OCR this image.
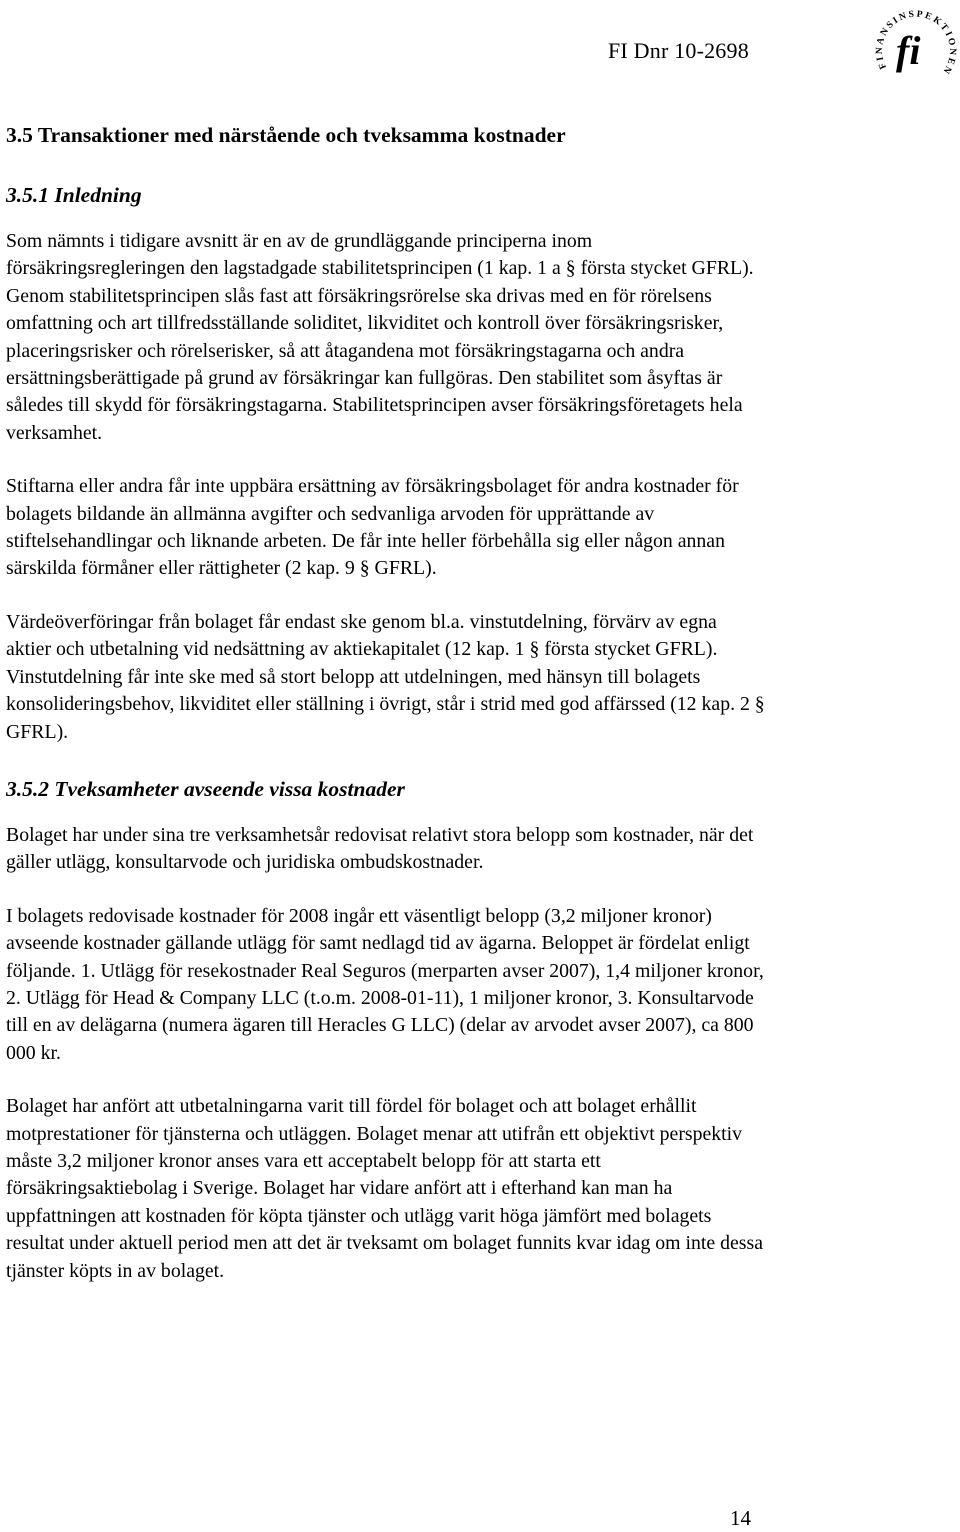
FI Dnr 10-2698
FINANSINSPEKTIONEN
fi
3.5 Transaktioner med närstående och tveksamma kostnader
3.5.1 Inledning

Som nämnts i tidigare avsnitt är en av de grundläggande principerna inom försäkringsregleringen den lagstadgade stabilitetsprincipen (1 kap. 1 a § första stycket GFRL). Genom stabilitetsprincipen slås fast att försäkringsrörelse ska drivas med en för rörelsens omfattning och art tillfredsställande soliditet, likviditet och kontroll över försäkringsrisker, placeringsrisker och rörelserisker, så att åtagandena mot försäkringstagarna och andra ersättningsberättigade på grund av försäkringar kan fullgöras. Den stabilitet som åsyftas är således till skydd för försäkringstagarna. Stabilitetsprincipen avser försäkringsföretagets hela verksamhet.

Stiftarna eller andra får inte uppbära ersättning av försäkringsbolaget för andra kostnader för bolagets bildande än allmänna avgifter och sedvanliga arvoden för upprättande av stiftelsehandlingar och liknande arbeten. De får inte heller förbehålla sig eller någon annan särskilda förmåner eller rättigheter (2 kap. 9 § GFRL).

Värdeöverföringar från bolaget får endast ske genom bl.a. vinstutdelning, förvärv av egna aktier och utbetalning vid nedsättning av aktiekapitalet (12 kap. 1 § första stycket GFRL). Vinstutdelning får inte ske med så stort belopp att utdelningen, med hänsyn till bolagets konsolideringsbehov, likviditet eller ställning i övrigt, står i strid med god affärssed (12 kap. 2 § GFRL).

3.5.2 Tveksamheter avseende vissa kostnader

Bolaget har under sina tre verksamhetsår redovisat relativt stora belopp som kostnader, när det gäller utlägg, konsultarvode och juridiska ombudskostnader.

I bolagets redovisade kostnader för 2008 ingår ett väsentligt belopp (3,2 miljoner kronor) avseende kostnader gällande utlägg för samt nedlagd tid av ägarna. Beloppet är fördelat enligt följande. 1. Utlägg för resekostnader Real Seguros (merparten avser 2007), 1,4 miljoner kronor, 2. Utlägg för Head & Company LLC (t.o.m. 2008-01-11), 1 miljoner kronor, 3. Konsultarvode till en av delägarna (numera ägaren till Heracles G LLC) (delar av arvodet avser 2007), ca 800 000 kr.

Bolaget har anfört att utbetalningarna varit till fördel för bolaget och att bolaget erhållit motprestationer för tjänsterna och utläggen. Bolaget menar att utifrån ett objektivt perspektiv måste 3,2 miljoner kronor anses vara ett acceptabelt belopp för att starta ett försäkringsaktiebolag i Sverige. Bolaget har vidare anfört att i efterhand kan man ha uppfattningen att kostnaden för köpta tjänster och utlägg varit höga jämfört med bolagets resultat under aktuell period men att det är tveksamt om bolaget funnits kvar idag om inte dessa tjänster köpts in av bolaget.

14
